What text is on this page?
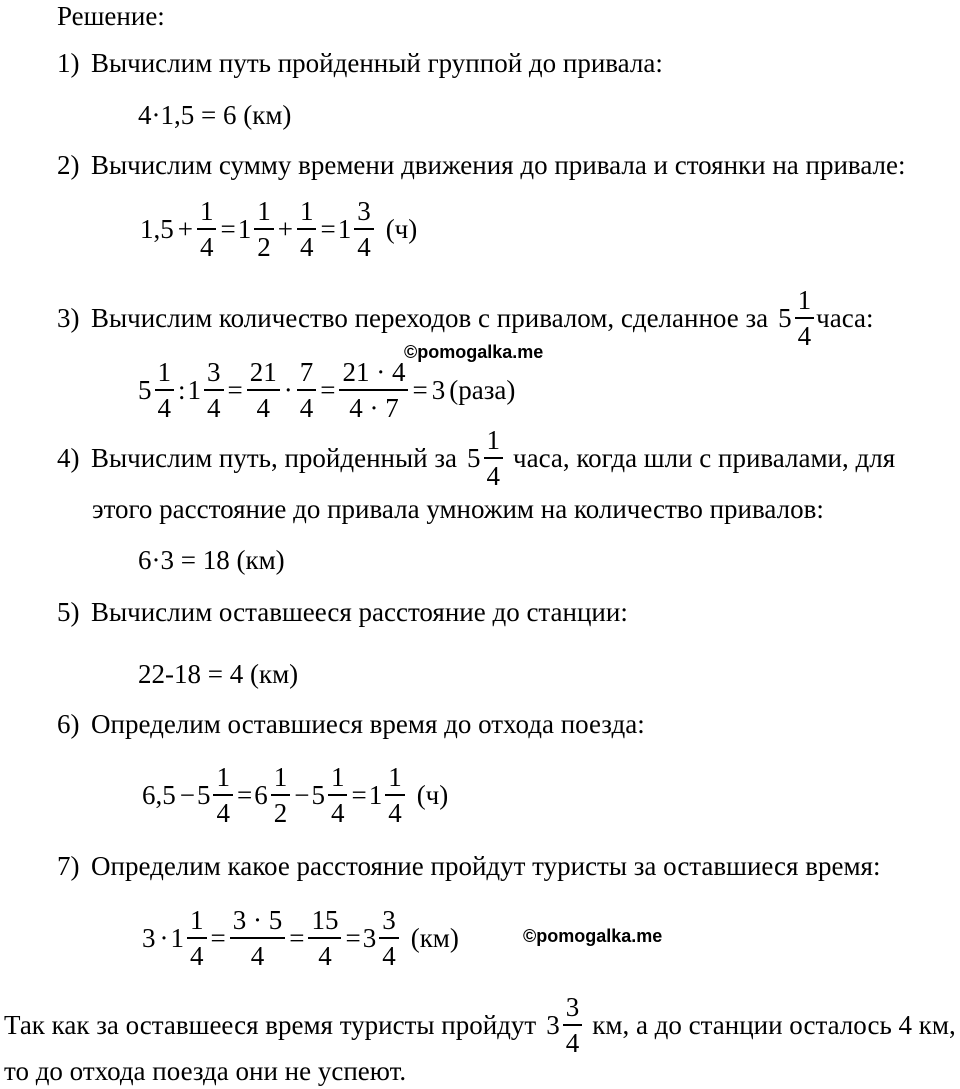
Решение:
1) Вычислим путь пройденный группой до привала:
4·1,5 = 6 (км)
2) Вычислим сумму времени движения до привала и стоянки на привале:
$1,5 + \frac{1}{4} = 1 \frac{1}{2} + \frac{1}{4} = 1 \frac{3}{4} (ч)$
3) Вычислим количество переходов с привалом, сделанное за $5 \frac{1}{4}$ часа:
$5 \frac{1}{4}$ : $1 \frac{3}{4} = \frac{21}{4} \cdot \frac{7}{4} = \frac{21 \cdot 4}{4 \cdot 7} = 3$ (раза)
©pomogalka.me
4) Вычислим путь, пройденный за $5 \frac{1}{4}$ часа, когда шли с привалами, для
этого расстояние до привала умножим на количество привалов:
6·3 = 18 (км)
5) Вычислим оставшееся расстояние до станции:
22-18 = 4 (км)
6) Определим оставшиеся время до отхода поезда:
$6,5 - 5 \frac{1}{4} = 6 \frac{1}{2} - 5 \frac{1}{4} = 1 \frac{1}{4} (ч)$
7) Определим какое расстояние пройдут туристы за оставшиеся время:
$3 \cdot 1 \frac{1}{4} = \frac{3 \cdot 5}{4} = \frac{15}{4} = 3 \frac{3}{4} (км)$	©pomogalka.me
Так как за оставшееся время туристы пройдут $3 \frac{3}{4}$ км, а до станции осталось 4 км,
то до отхода поезда они не успеют.
